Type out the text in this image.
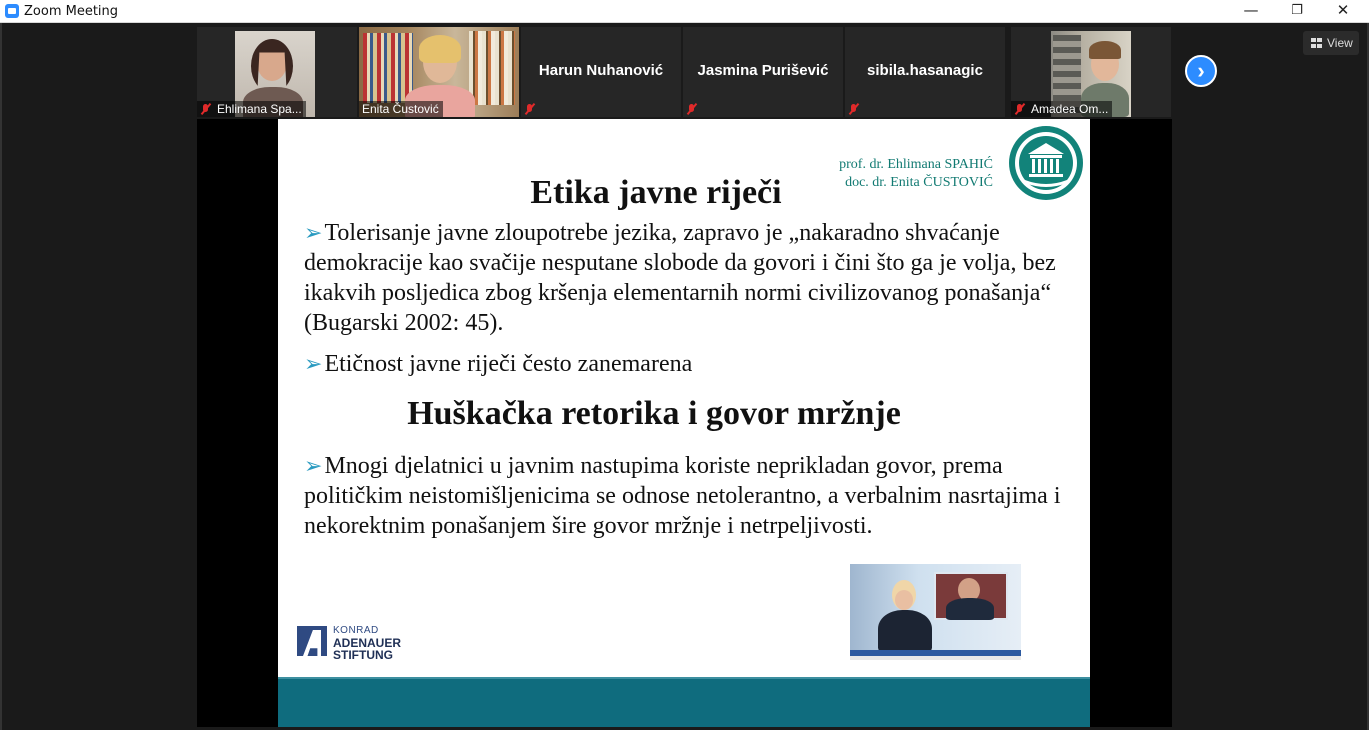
Zoom Meeting	—	❐	✕
Ehlimana Spa...	Enita Čustović
Harun Nuhanović	Jasmina Purišević	sibila.hasanagic
Amadea Om...
›
View
prof. dr. Ehlimana SPAHIĆ
doc. dr. Enita ČUSTOVIĆ
Etika javne riječi
➢Tolerisanje javne zloupotrebe jezika, zapravo je „nakaradno shvaćanje demokracije kao svačije nesputane slobode da govori i čini što ga je volja, bez ikakvih posljedica zbog kršenja elementarnih normi civilizovanog ponašanja“ (Bugarski 2002: 45).
➢Etičnost javne riječi često zanemarena
Huškačka retorika i govor mržnje
➢Mnogi djelatnici u javnim nastupima koriste neprikladan govor, prema političkim neistomišljenicima se odnose netolerantno, a verbalnim nasrtajima i nekorektnim ponašanjem šire govor mržnje i netrpeljivosti.
KONRAD
ADENAUER
STIFTUNG
